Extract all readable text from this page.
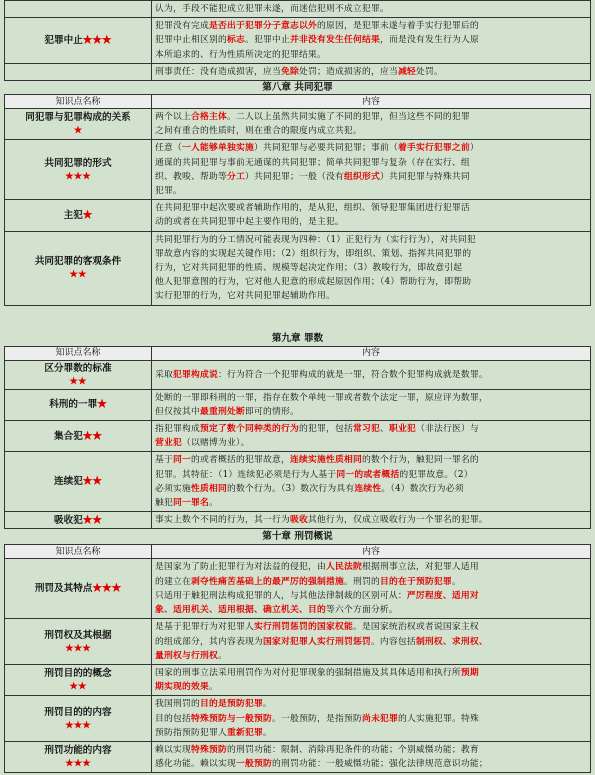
	认为，手段不能犯成立犯罪未遂，而迷信犯则不成立犯罪。

犯罪中止★★★	犯罪没有完成是否出于犯罪分子意志以外的原因，是犯罪未遂与着手实行犯罪后的
犯罪中止相区别的标志。犯罪中止并非没有发生任何结果，而是没有发生行为人原
本所追求的、行为性质所决定的犯罪结果。

	刑事责任：没有造成损害，应当免除处罚；造成损害的，应当减轻处罚。
第八章 共同犯罪
知识点名称	内容
同犯罪与犯罪构成的关系
★	两个以上合格主体。二人以上虽然共同实施了不同的犯罪，但当这些不同的犯罪
之间有重合的性质时，则在重合的限度内成立共犯。

共同犯罪的形式
★★★	任意（一人能够单独实施）共同犯罪与必要共同犯罪；事前（着手实行犯罪之前）
通谋的共同犯罪与事前无通谋的共同犯罪；简单共同犯罪与复杂（存在实行、组
织、教唆、帮助等分工）共同犯罪；一般（没有组织形式）共同犯罪与特殊共同
犯罪。

主犯★	在共同犯罪中起次要或者辅助作用的，是从犯，组织、领导犯罪集团进行犯罪活
动的或者在共同犯罪中起主要作用的，是主犯。

共同犯罪的客观条件
★★	共同犯罪行为的分工情况可能表现为四种：（1）正犯行为（实行行为），对共同犯
罪故意内容的实现起关键作用；（2）组织行为，即组织、策划、指挥共同犯罪的
行为，它对共同犯罪的性质、规模等起决定作用；（3）教唆行为，即故意引起
他人犯罪意图的行为，它对他人犯意的形成起原因作用；（4）帮助行为，即帮助
实行犯罪的行为，它对共同犯罪起辅助作用。
第九章 罪数
知识点名称	内容
区分罪数的标准
★★	采取犯罪构成说：行为符合一个犯罪构成的就是一罪，符合数个犯罪构成就是数罪。

科刑的一罪★	处断的一罪即科刑的一罪，指存在数个单纯一罪或者数个法定一罪，原应评为数罪，
但仅按其中最重刑处断即可的情形。

集合犯★★	指犯罪构成预定了数个同种类的行为的犯罪，包括常习犯、职业犯（非法行医）与
营业犯（以赌博为业）。

连续犯★★	基于同一的或者概括的犯罪故意，连续实施性质相同的数个行为，触犯同一罪名的
犯罪。其特征：（1）连续犯必须是行为人基于同一的或者概括的犯罪故意。（2）
必须实施性质相同的数个行为。（3）数次行为具有连续性。（4）数次行为必须
触犯同一罪名。

吸收犯★★	事实上数个不同的行为，其一行为吸收其他行为，仅成立吸收行为一个罪名的犯罪。
第十章 刑罚概说
知识点名称	内容
刑罚及其特点★★★	是国家为了防止犯罪行为对法益的侵犯，由人民法院根据刑事立法，对犯罪人适用
的建立在剥夺性痛苦基础上的最严厉的强制措施。刑罚的目的在于预防犯罪。
只适用于触犯刑法构成犯罪的人，与其他法律制裁的区别可从：严厉程度、适用对
象、适用机关、适用根据、确立机关、目的等六个方面分析。

刑罚权及其根据
★★★	是基于犯罪行为对犯罪人实行刑罚惩罚的国家权能。是国家统治权或者说国家主权
的组成部分，其内容表现为国家对犯罪人实行刑罚惩罚。内容包括制刑权、求刑权、
量刑权与行刑权。

刑罚目的的概念
★★	国家的刑事立法采用刑罚作为对付犯罪现象的强制措施及其具体适用和执行所预期
期实现的效果。

刑罚目的的内容
★★★	我国刑罚的目的是预防犯罪。
目的包括特殊预防与一般预防。一般预防，是指预防尚未犯罪的人实施犯罪。特殊
预防指预防犯罪人重新犯罪。

刑罚功能的内容
★★★	赖以实现特殊预防的刑罚功能：限制、消除再犯条件的功能；个别威慑功能；教育
感化功能。赖以实现一般预防的刑罚功能：一般威慑功能；强化法律规范意识功能；
